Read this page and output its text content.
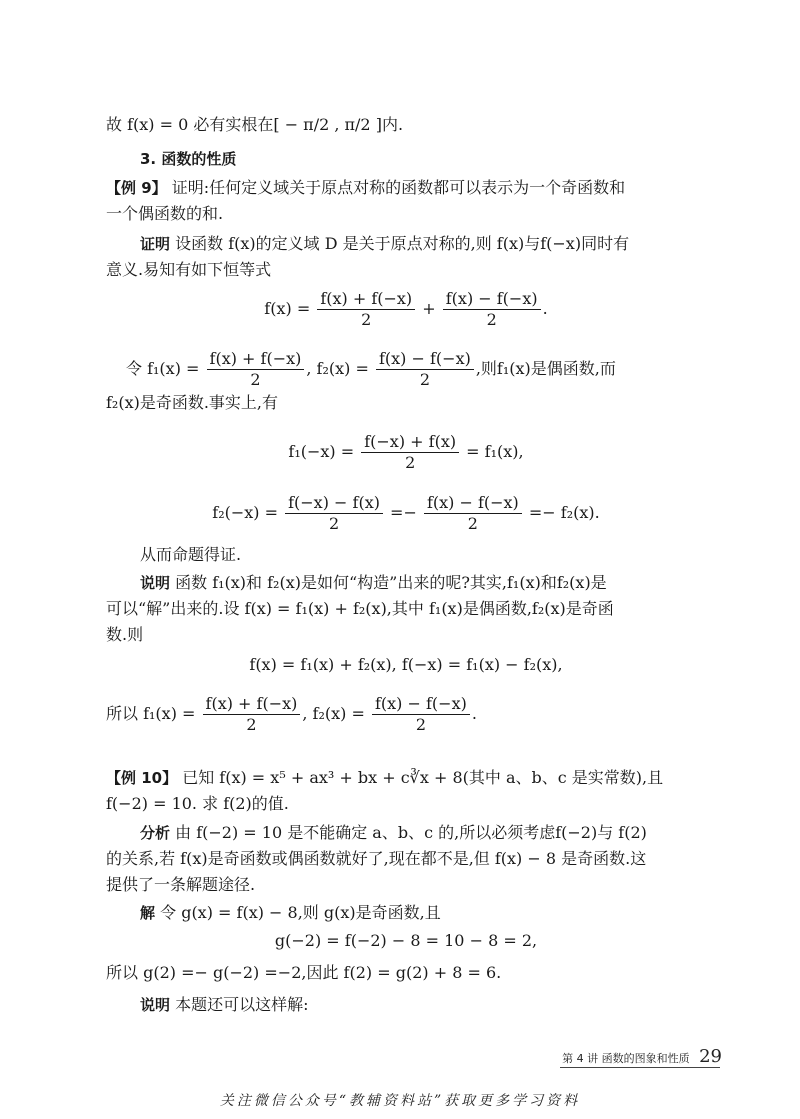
故 f(x) = 0 必有实根在[ − π/2 , π/2 ]内.
3. 函数的性质
【例 9】 证明:任何定义域关于原点对称的函数都可以表示为一个奇函数和
一个偶函数的和.
证明 设函数 f(x)的定义域 D 是关于原点对称的,则 f(x)与f(−x)同时有
意义.易知有如下恒等式
$f(x) = \frac{f(x) + f(-x)}{2} + \frac{f(x) - f(-x)}{2}$ .
令 $f_1(x) = \frac{f(x) + f(-x)}{2}$ , $f_2(x) = \frac{f(x) - f(-x)}{2}$ ,则f₁(x)是偶函数,而
f₂(x)是奇函数.事实上,有
$f_1(-x) = \frac{f(-x) + f(x)}{2} = f_1(x)$,
$f_2(-x) = \frac{f(-x) - f(x)}{2} =- \frac{f(x) - f(-x)}{2} =- f_2(x)$.
从而命题得证.
说明 函数 f₁(x)和 f₂(x)是如何“构造”出来的呢?其实,f₁(x)和f₂(x)是
可以“解”出来的.设 f(x) = f₁(x) + f₂(x),其中 f₁(x)是偶函数,f₂(x)是奇函
数.则
f(x) = f₁(x) + f₂(x), f(−x) = f₁(x) − f₂(x),
所以 $f_1(x) = \frac{f(x) + f(-x)}{2}$ , $f_2(x) = \frac{f(x) - f(-x)}{2}$ .
【例 10】 已知 f(x) = x⁵ + ax³ + bx + c∛x + 8(其中 a、b、c 是实常数),且
f(−2) = 10. 求 f(2)的值.
分析 由 f(−2) = 10 是不能确定 a、b、c 的,所以必须考虑f(−2)与 f(2)
的关系,若 f(x)是奇函数或偶函数就好了,现在都不是,但 f(x) − 8 是奇函数.这
提供了一条解题途径.
解 令 g(x) = f(x) − 8,则 g(x)是奇函数,且
g(−2) = f(−2) − 8 = 10 − 8 = 2,
所以 g(2) =− g(−2) =−2,因此 f(2) = g(2) + 8 = 6.
说明 本题还可以这样解:
第 4 讲 函数的图象和性质 29
关注微信公众号“教辅资料站”获取更多学习资料
